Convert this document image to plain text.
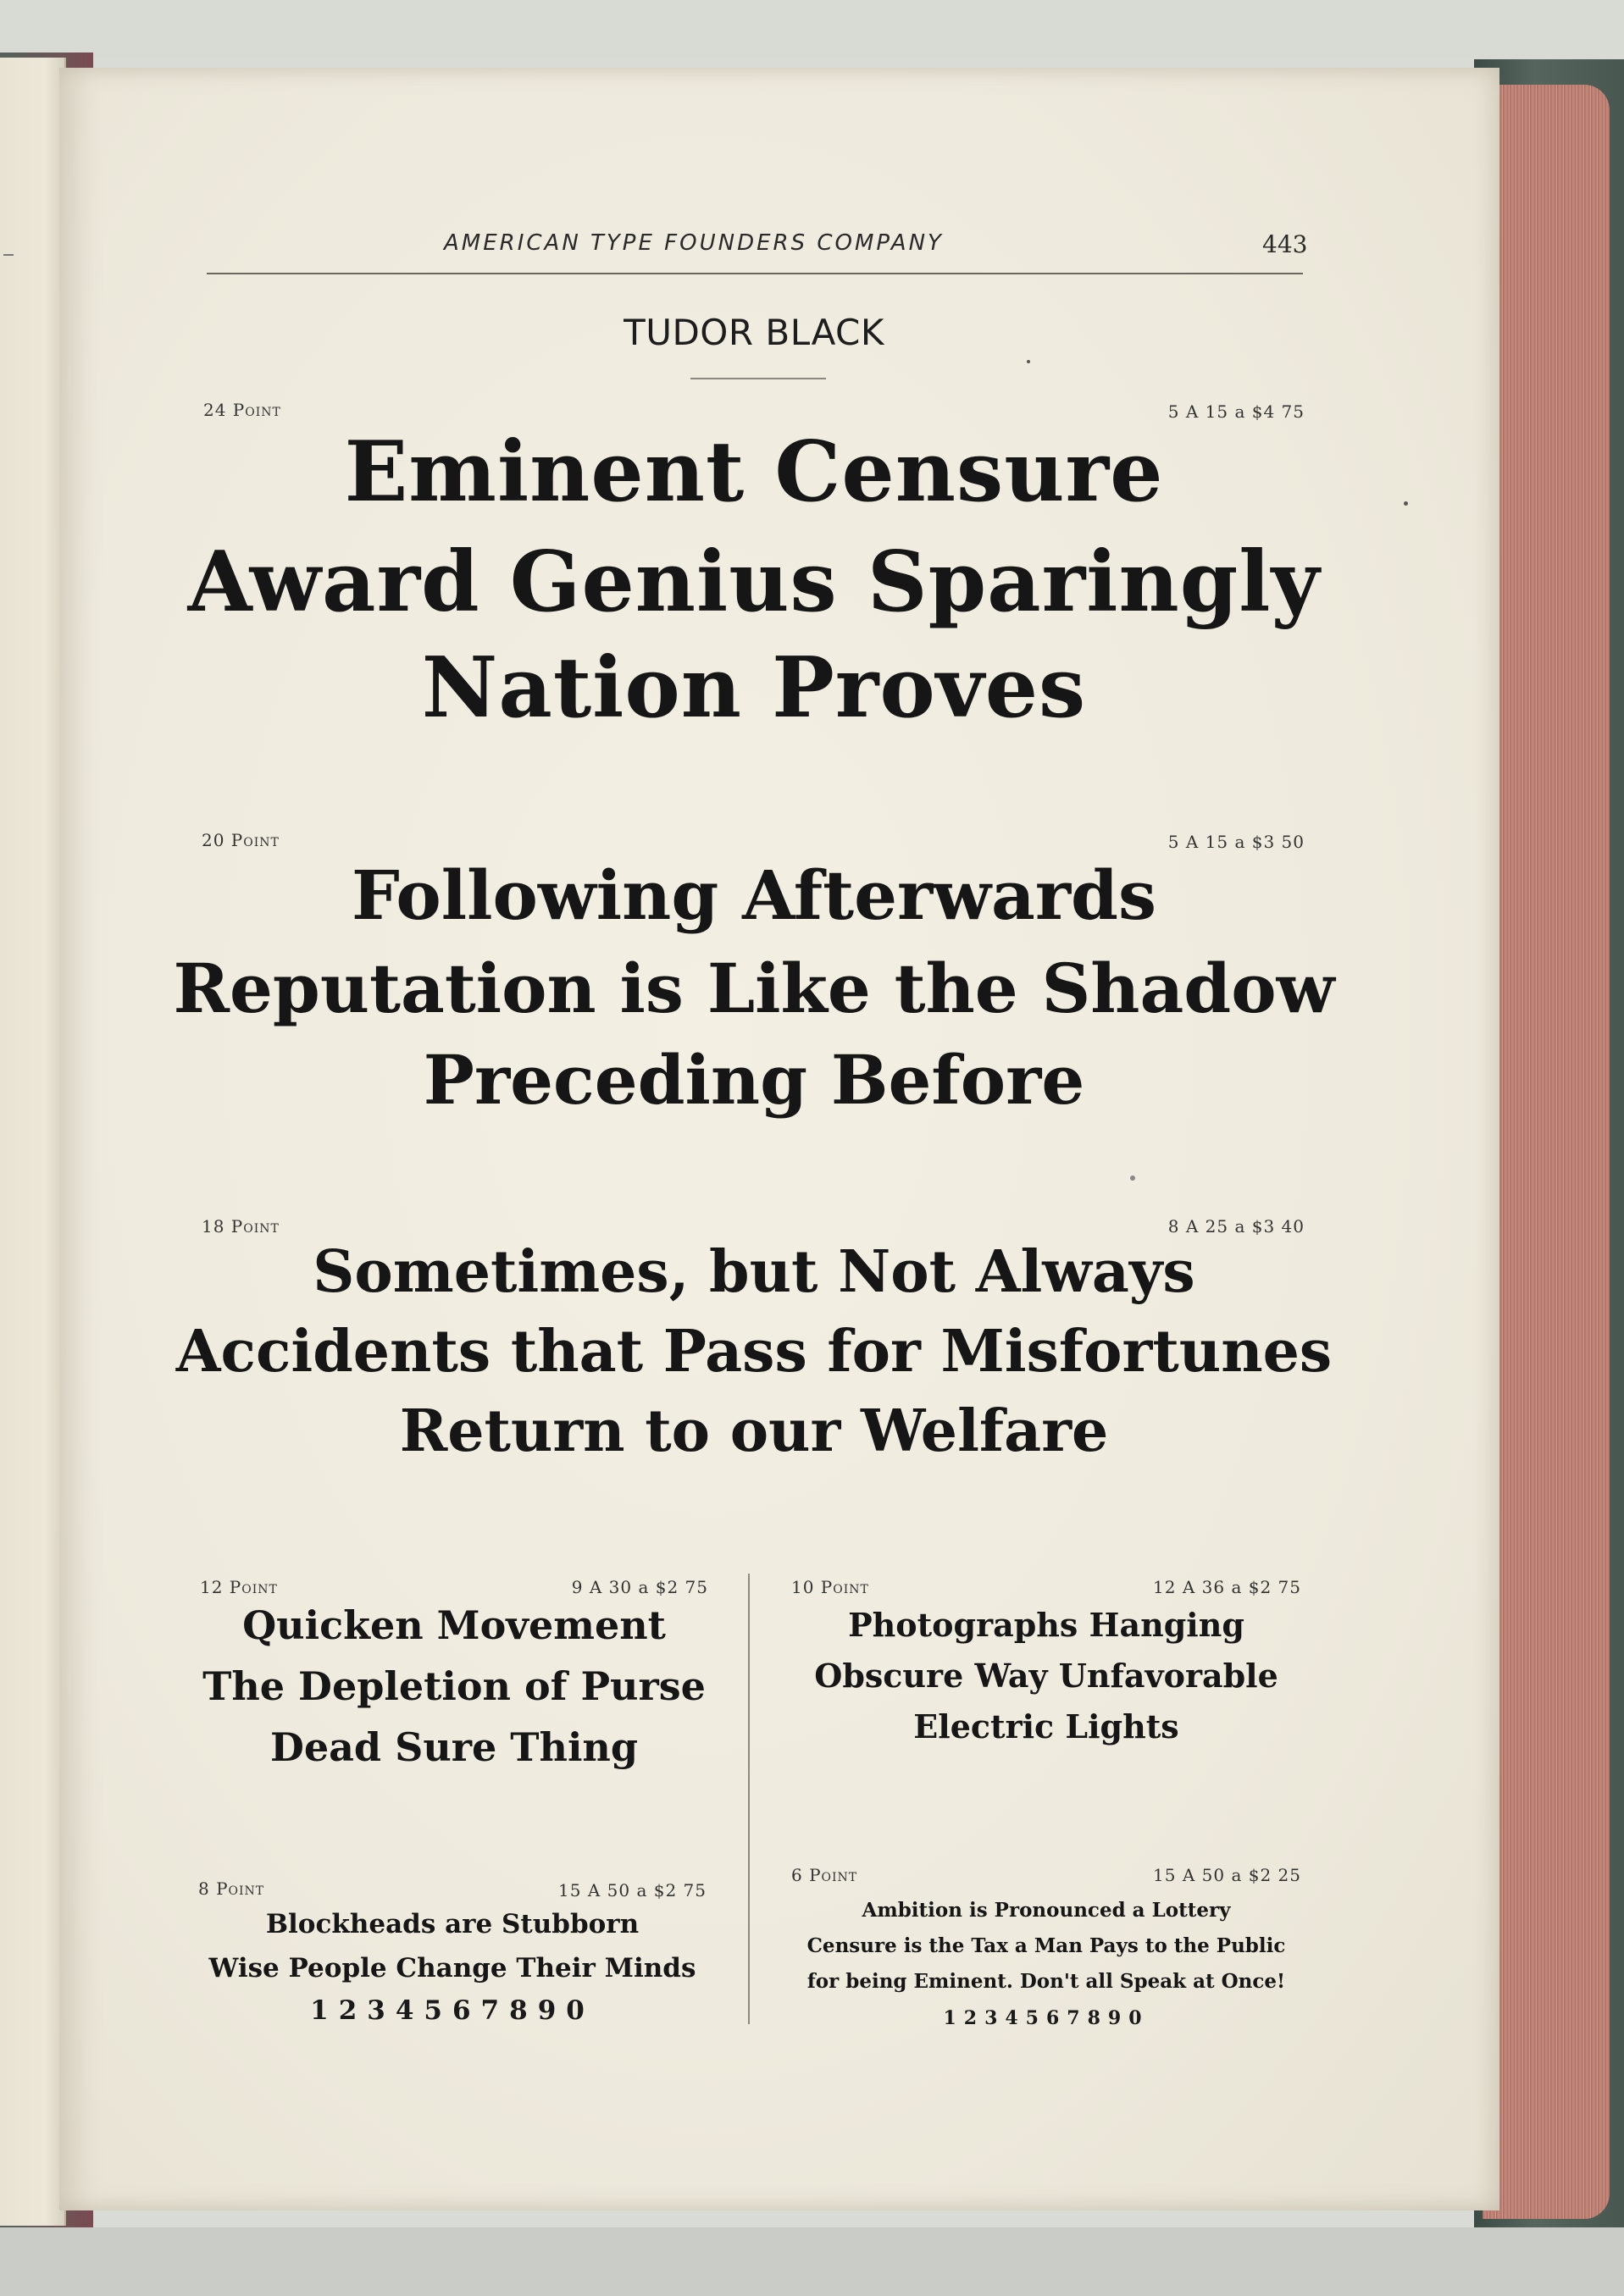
AMERICAN TYPE FOUNDERS COMPANY	443
TUDOR BLACK
24 Point	5 A 15 a $4 75
Eminent Censure
Award Genius Sparingly
Nation Proves
20 Point	5 A 15 a $3 50
Following Afterwards
Reputation is Like the Shadow
Preceding Before
18 Point	8 A 25 a $3 40
Sometimes, but Not Always
Accidents that Pass for Misfortunes
Return to our Welfare
12 Point	9 A 30 a $2 75
Quicken Movement
The Depletion of Purse
Dead Sure Thing
10 Point	12 A 36 a $2 75
Photographs Hanging
Obscure Way Unfavorable
Electric Lights
8 Point	15 A 50 a $2 75
Blockheads are Stubborn
Wise People Change Their Minds
1234567890
6 Point	15 A 50 a $2 25
Ambition is Pronounced a Lottery
Censure is the Tax a Man Pays to the Public
for being Eminent. Don't all Speak at Once!
1234567890
